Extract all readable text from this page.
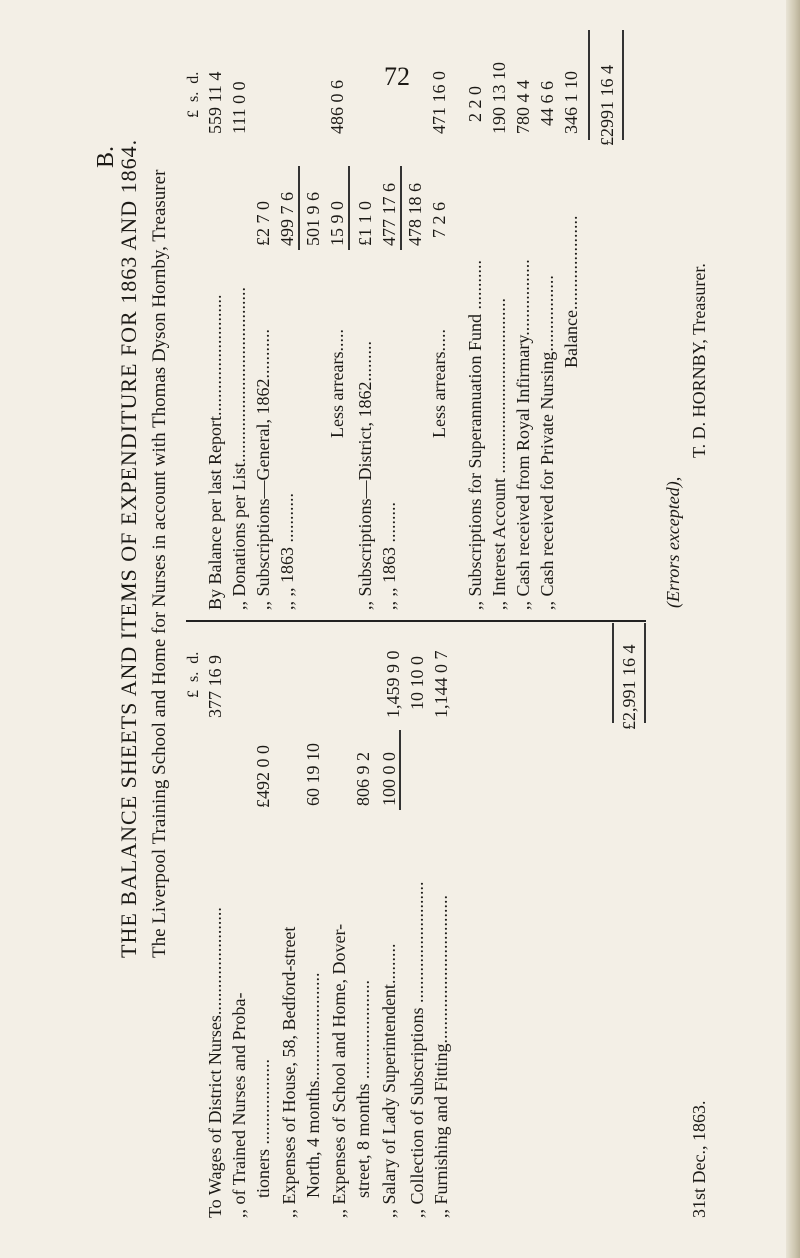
72
B.
THE BALANCE SHEETS AND ITEMS OF EXPENDITURE FOR 1863 AND 1864. The Liverpool Training School and Home for Nurses in account with Thomas Dyson Hornby, Treasurer £  s.  d.
To Wages of District Nurses........................
377 16 9
,, of Trained Nurses and Proba- tioners ...................
£492 0 0
,, Expenses of House, 58, Bedford-street North, 4 months........................
60 19 10
,, Expenses of School and Home, Dover- street, 8 months ......................
806 9 2
,, Salary of Lady Superintendent.........
100 0 0
1,459 9 0
,, Collection of Subscriptions ...........................
10 10 0
,, Furnishing and Fitting.................................
1,144 0 7	£2,991 16 4
£  s.  d.
By Balance per last Report...........................
559 11 4
,, Donations per List.......................................
111 0 0
,, Subscriptions—General, 1862...........
£2 7 0
,, ,, 1863 ...........
499 7 6 501 9 6
Less arrears.....
15 9 0
486 0 6
,, Subscriptions—District, 1862.........
£1 1 0
,, ,, 1863 .........
477 17 6 478 18 6
Less arrears.....
7 2 6
471 16 0
,, Subscriptions for Superannuation Fund ...........
2 2 0
,, Interest Account .......................................
190 13 10
,, Cash received from Royal Infirmary.................
780 4 4
,, Cash received for Private Nursing.................
44 6 6
Balance.....................
346 1 10 £2991 16 4
31st Dec., 1863.
(Errors excepted),
T. D. HORNBY, Treasurer.
